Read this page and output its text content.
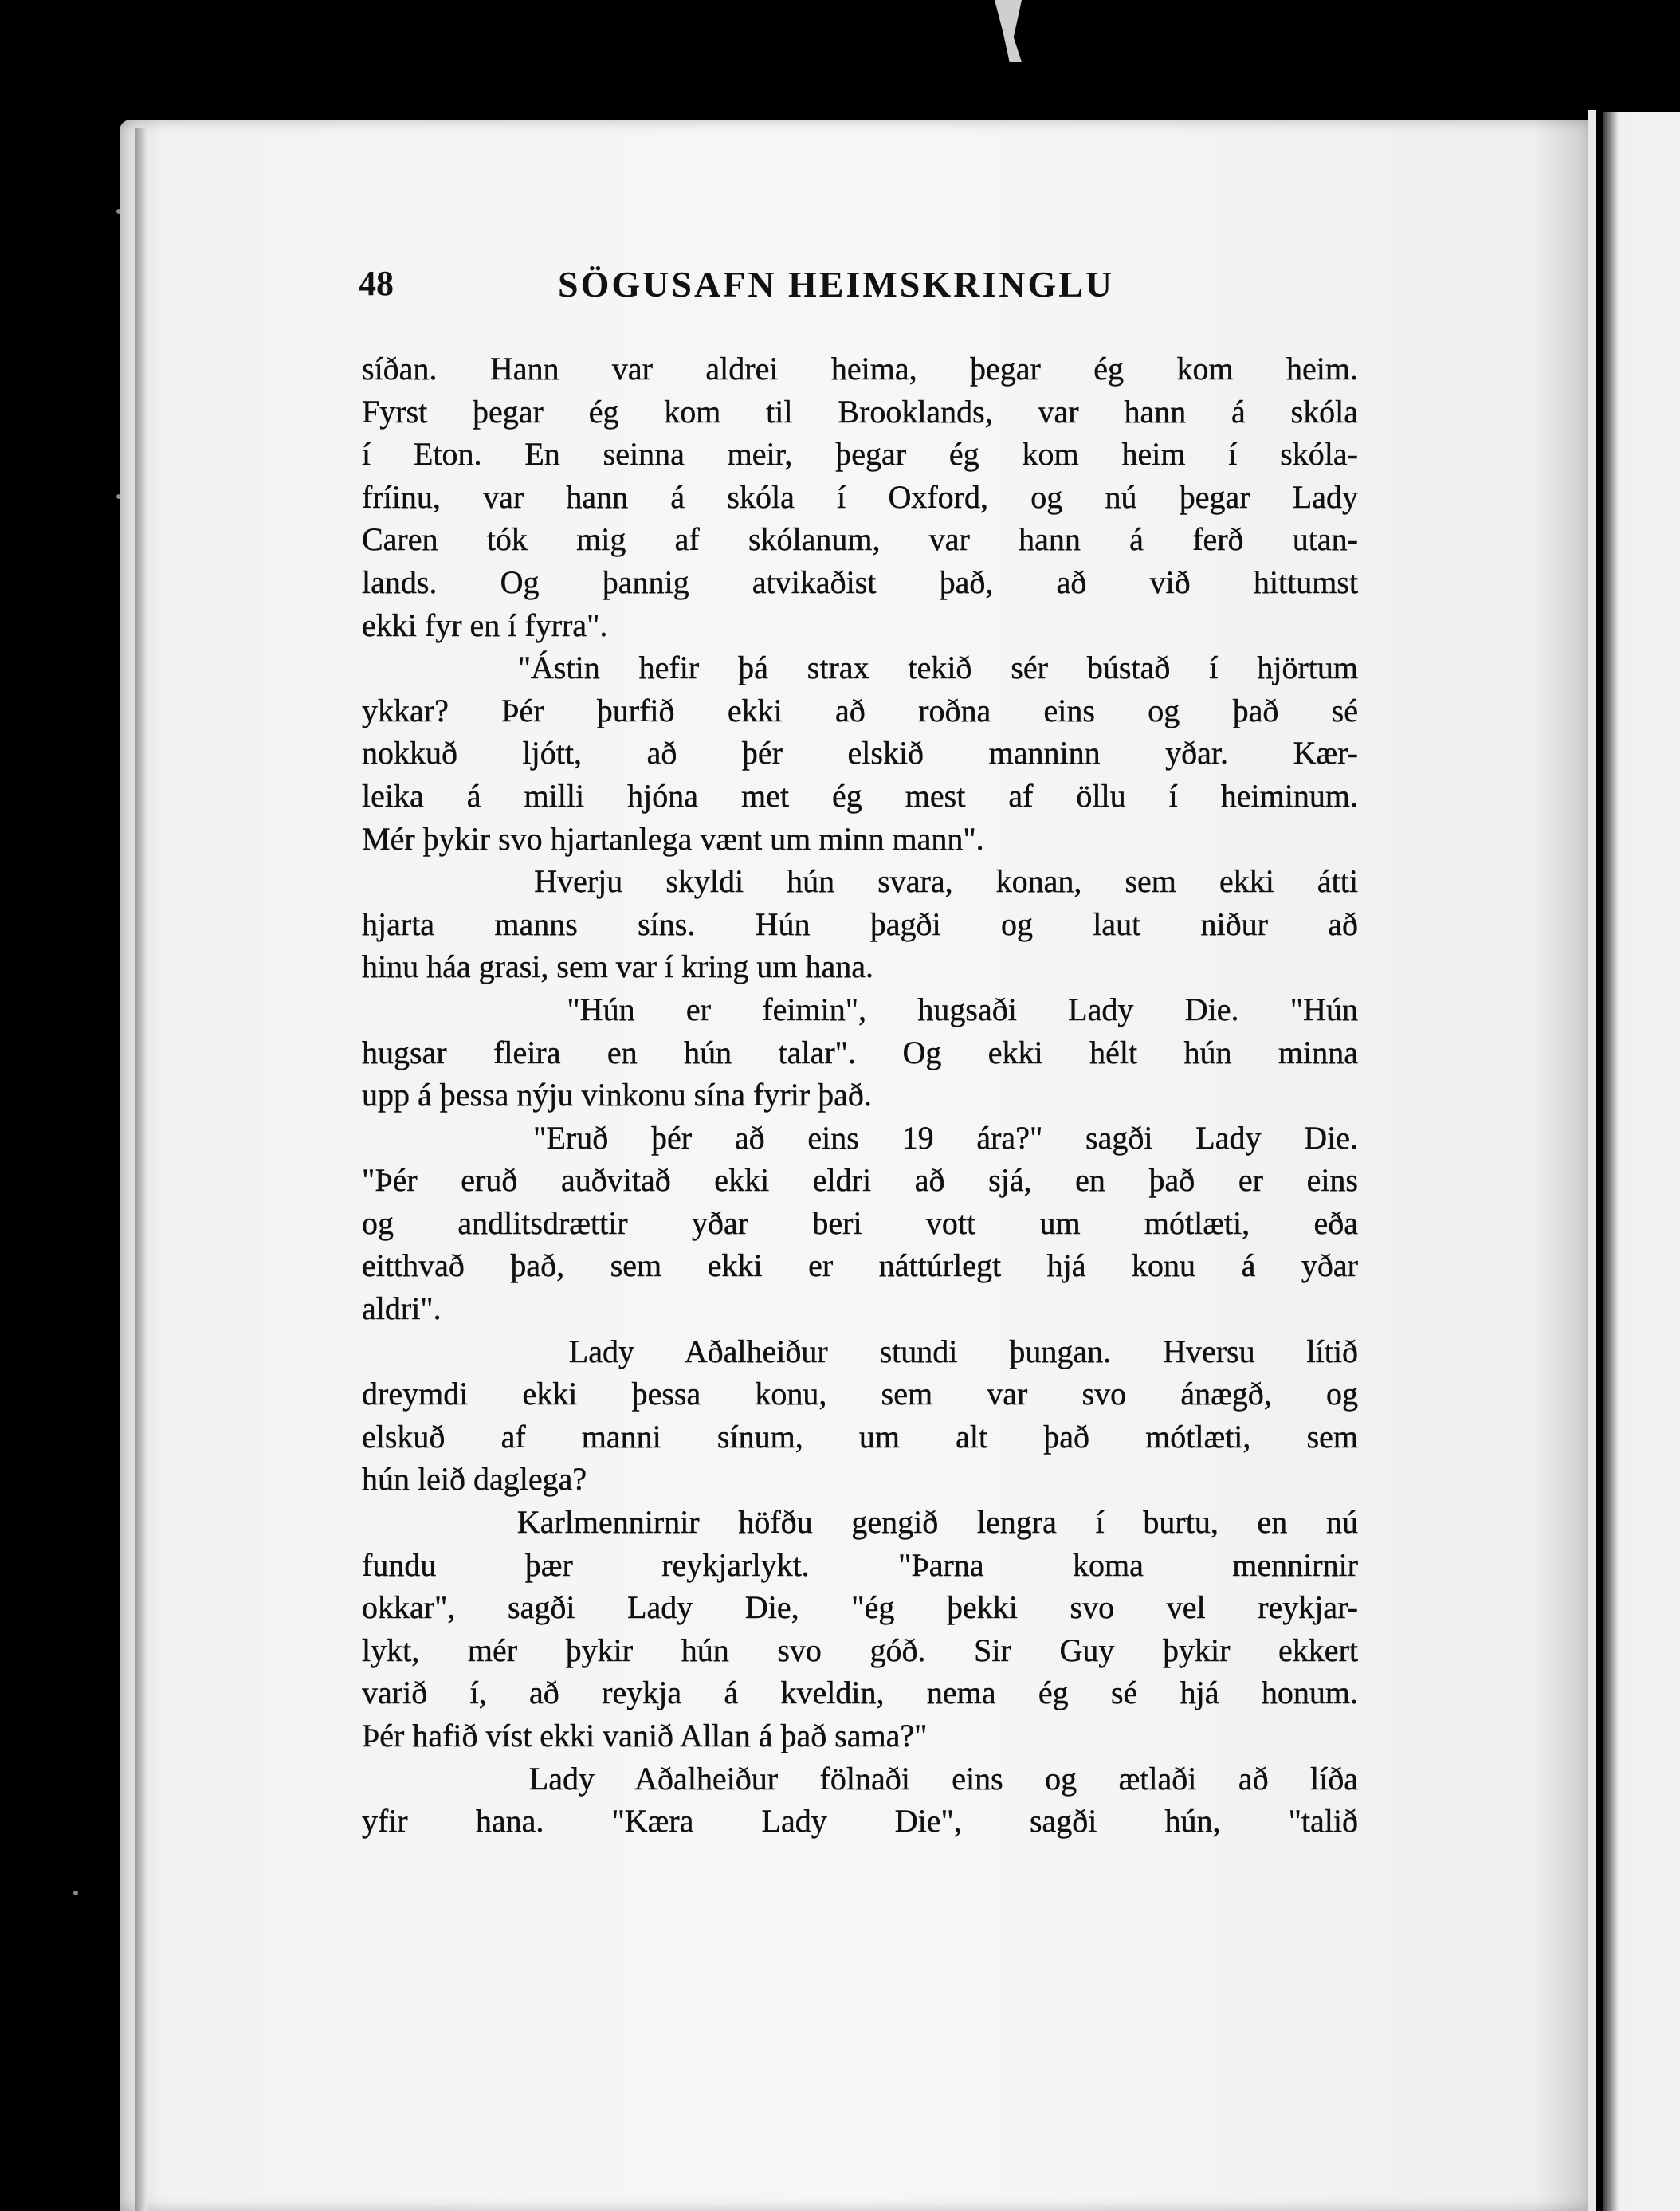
48	SÖGUSAFN HEIMSKRINGLU
síðan. Hann var aldrei heima, þegar ég kom heim.
Fyrst þegar ég kom til Brooklands, var hann á skóla
í Eton. En seinna meir, þegar ég kom heim í skóla-
fríinu, var hann á skóla í Oxford, og nú þegar Lady
Caren tók mig af skólanum, var hann á ferð utan-
lands. Og þannig atvikaðist það, að við hittumst
ekki fyr en í fyrra".
"Ástin hefir þá strax tekið sér bústað í hjörtum
ykkar? Þér þurfið ekki að roðna eins og það sé
nokkuð ljótt, að þér elskið manninn yðar. Kær-
leika á milli hjóna met ég mest af öllu í heiminum.
Mér þykir svo hjartanlega vænt um minn mann".
Hverju skyldi hún svara, konan, sem ekki átti
hjarta manns síns. Hún þagði og laut niður að
hinu háa grasi, sem var í kring um hana.
"Hún er feimin", hugsaði Lady Die. "Hún
hugsar fleira en hún talar". Og ekki hélt hún minna
upp á þessa nýju vinkonu sína fyrir það.
"Eruð þér að eins 19 ára?" sagði Lady Die.
"Þér eruð auðvitað ekki eldri að sjá, en það er eins
og andlitsdrættir yðar beri vott um mótlæti, eða
eitthvað það, sem ekki er náttúrlegt hjá konu á yðar
aldri".
Lady Aðalheiður stundi þungan. Hversu lítið
dreymdi ekki þessa konu, sem var svo ánægð, og
elskuð af manni sínum, um alt það mótlæti, sem
hún leið daglega?
Karlmennirnir höfðu gengið lengra í burtu, en nú
fundu þær reykjarlykt. "Þarna koma mennirnir
okkar", sagði Lady Die, "ég þekki svo vel reykjar-
lykt, mér þykir hún svo góð. Sir Guy þykir ekkert
varið í, að reykja á kveldin, nema ég sé hjá honum.
Þér hafið víst ekki vanið Allan á það sama?"
Lady Aðalheiður fölnaði eins og ætlaði að líða
yfir hana. "Kæra Lady Die", sagði hún, "talið
